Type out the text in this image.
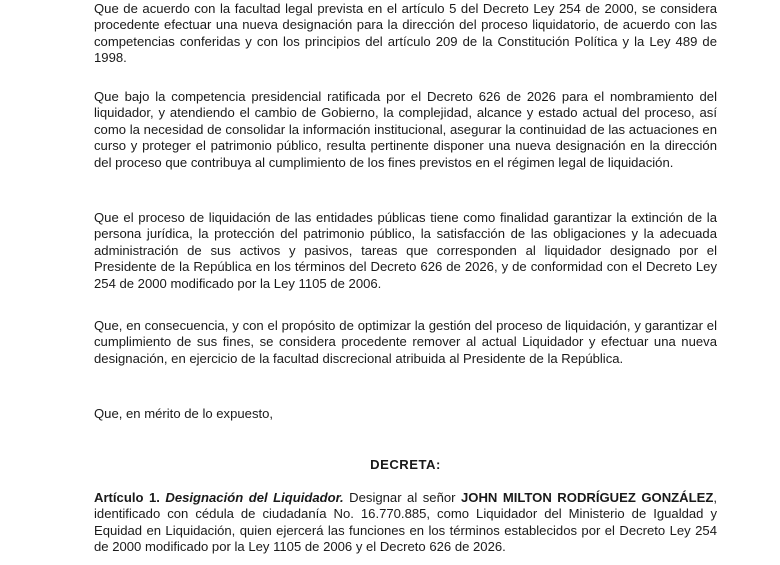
Que de acuerdo con la facultad legal prevista en el artículo 5 del Decreto Ley 254 de 2000, se considera procedente efectuar una nueva designación para la dirección del proceso liquidatorio, de acuerdo con las competencias conferidas y con los principios del artículo 209 de la Constitución Política y la Ley 489 de 1998.

Que bajo la competencia presidencial ratificada por el Decreto 626 de 2026 para el nombramiento del liquidador, y atendiendo el cambio de Gobierno, la complejidad, alcance y estado actual del proceso, así como la necesidad de consolidar la información institucional, asegurar la continuidad de las actuaciones en curso y proteger el patrimonio público, resulta pertinente disponer una nueva designación en la dirección del proceso que contribuya al cumplimiento de los fines previstos en el régimen legal de liquidación.

Que el proceso de liquidación de las entidades públicas tiene como finalidad garantizar la extinción de la persona jurídica, la protección del patrimonio público, la satisfacción de las obligaciones y la adecuada administración de sus activos y pasivos, tareas que corresponden al liquidador designado por el Presidente de la República en los términos del Decreto 626 de 2026, y de conformidad con el Decreto Ley 254 de 2000 modificado por la Ley 1105 de 2006.

Que, en consecuencia, y con el propósito de optimizar la gestión del proceso de liquidación, y garantizar el cumplimiento de sus fines, se considera procedente remover al actual Liquidador y efectuar una nueva designación, en ejercicio de la facultad discrecional atribuida al Presidente de la República.

Que, en mérito de lo expuesto,

DECRETA:

Artículo 1. Designación del Liquidador. Designar al señor JOHN MILTON RODRÍGUEZ GONZÁLEZ, identificado con cédula de ciudadanía No. 16.770.885, como Liquidador del Ministerio de Igualdad y Equidad en Liquidación, quien ejercerá las funciones en los términos establecidos por el Decreto Ley 254 de 2000 modificado por la Ley 1105 de 2006 y el Decreto 626 de 2026.
